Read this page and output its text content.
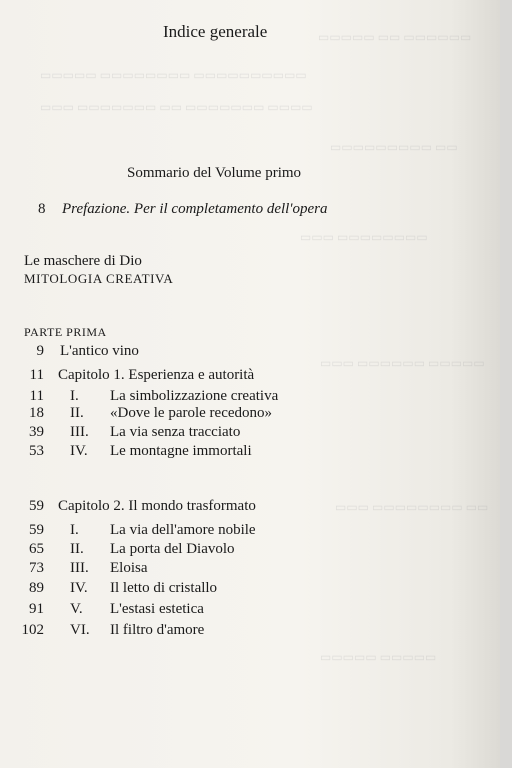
▭▭▭▭▭ ▭▭ ▭▭▭▭▭▭
▭▭▭▭▭ ▭▭▭▭▭▭▭▭ ▭▭▭▭▭▭▭▭▭▭
▭▭▭ ▭▭▭▭▭▭▭ ▭▭ ▭▭▭▭▭▭▭ ▭▭▭▭
▭▭▭▭▭▭▭▭▭ ▭▭
▭▭▭ ▭▭▭▭▭▭▭▭
▭▭▭ ▭▭▭▭▭▭ ▭▭▭▭▭
▭▭▭ ▭▭▭▭▭▭▭▭ ▭▭
▭▭▭▭▭ ▭▭▭▭▭
Indice generale
Sommario del Volume primo
8 Prefazione. Per il completamento dell'opera
Le maschere di Dio
MITOLOGIA CREATIVA
PARTE PRIMA
9 L'antico vino
11 Capitolo 1. Esperienza e autorità
11 I. La simbolizzazione creativa
18 II. «Dove le parole recedono»
39 III. La via senza tracciato
53 IV. Le montagne immortali
59 Capitolo 2. Il mondo trasformato
59 I. La via dell'amore nobile
65 II. La porta del Diavolo
73 III. Eloisa
89 IV. Il letto di cristallo
91 V. L'estasi estetica
102 VI. Il filtro d'amore
